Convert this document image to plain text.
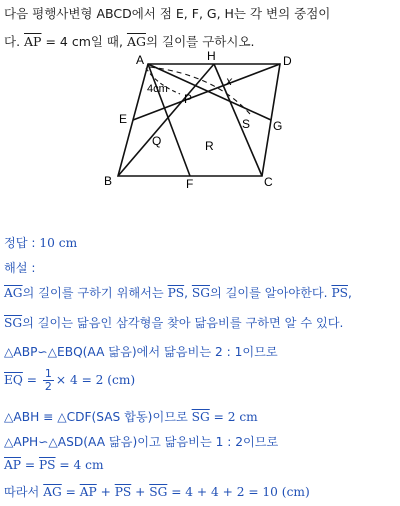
다음 평행사변형 ABCD에서 점 E, F, G, H는 각 변의 중점이
다. $\overline{AP} = 4$ cm일 때, $\overline{AG}$의 길이를 구하시오.
A	H	D
x
4cm
P
E	S G
Q	R
B	F	C
정답 : 10 cm
해설 :
$\overline{AG}$의 길이를 구하기 위해서는 $\overline{PS}$, $\overline{SG}$의 길이를 알아야한다. $\overline{PS}$,
$\overline{SG}$의 길이는 닮음인 삼각형을 찾아 닮음비를 구하면 알 수 있다.
△ABP∽△EBQ(AA 닮음)에서 닮음비는 2 : 1이므로
$\overline{EQ} = \frac{1}{2} \times 4 = 2$ (cm)
△ABH ≡ △CDF(SAS 합동)이므로 $\overline{SG} = 2$ cm
△APH∽△ASD(AA 닮음)이고 닮음비는 1 : 2이므로
$\overline{AP} = \overline{PS} = 4$ cm
따라서 $\overline{AG} = \overline{AP} + \overline{PS} + \overline{SG} = 4 + 4 + 2 = 10$ (cm)
